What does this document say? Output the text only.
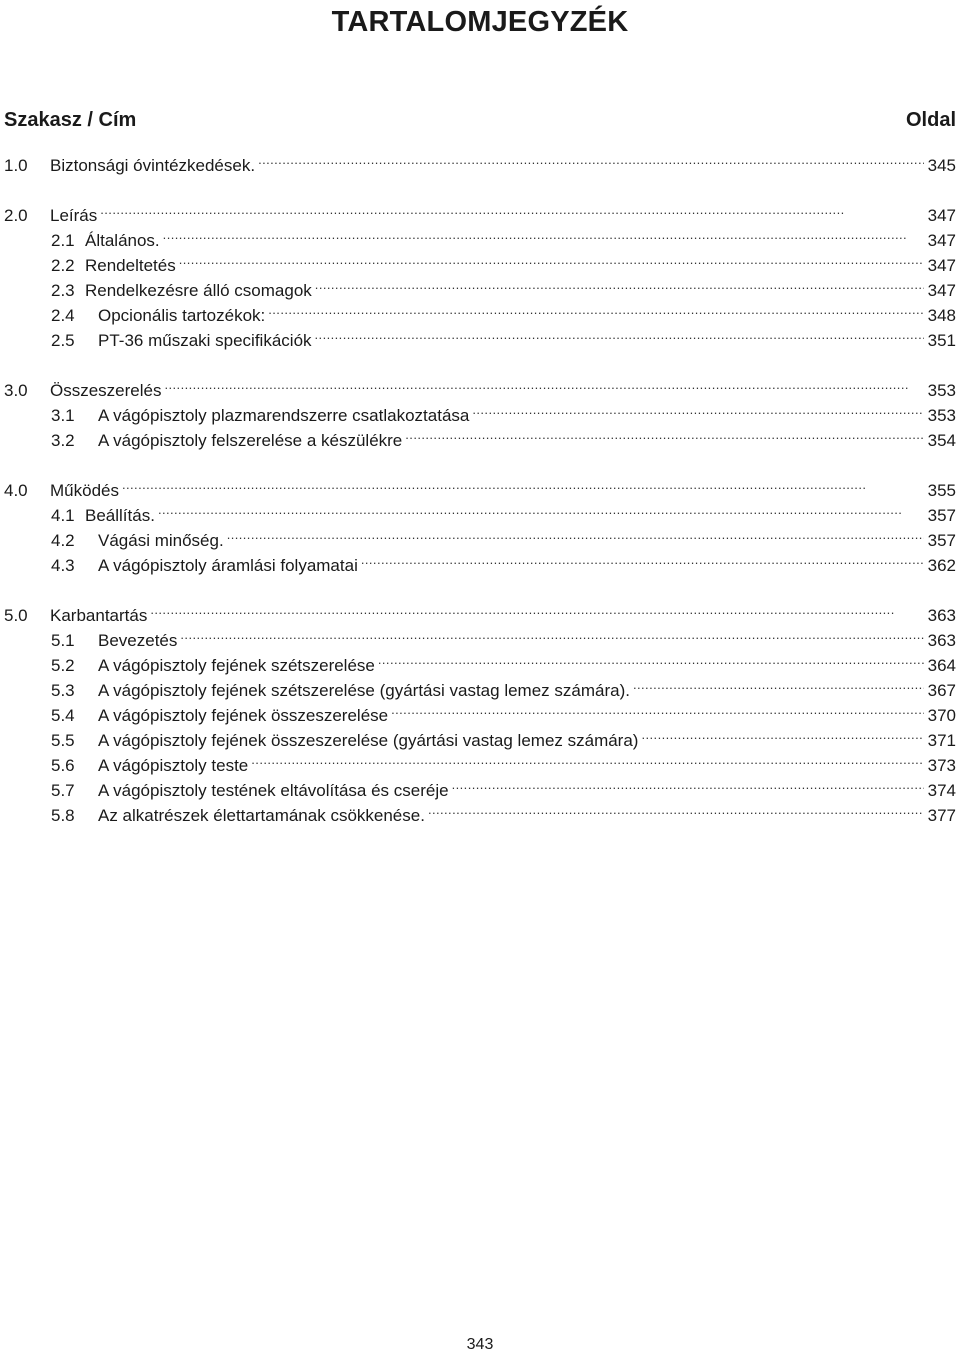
TARTALOMJEGYZÉK
Szakasz / Cím	Oldal
1.0	Biztonsági óvintézkedések. . . .	345
2.0	Leírás . . .	347
2.1 Általános. . . .	347
2.2 Rendeltetés . . .	347
2.3 Rendelkezésre álló csomagok . . .	347
2.4	Opcionális tartozékok: . . .	348
2.5	PT-36 műszaki specifikációk . . .	351
3.0	Összeszerelés . . .	353
3.1	A vágópisztoly plazmarendszerre csatlakoztatása . . .	353
3.2	A vágópisztoly felszerelése a készülékre . . .	354
4.0	Működés . . .	355
4.1 Beállítás. . . .	357
4.2	Vágási minőség. . . .	357
4.3	A vágópisztoly áramlási folyamatai . . .	362
5.0	Karbantartás . . .	363
5.1	Bevezetés . . .	363
5.2	A vágópisztoly fejének szétszerelése . . .	364
5.3	A vágópisztoly fejének szétszerelése (gyártási vastag lemez számára). . . .	367
5.4	A vágópisztoly fejének összeszerelése . . .	370
5.5	A vágópisztoly fejének összeszerelése (gyártási vastag lemez számára) . . .	371
5.6	A vágópisztoly teste . . .	373
5.7	A vágópisztoly testének eltávolítása és cseréje . . .	374
5.8	Az alkatrészek élettartamának csökkenése. . . .	377
343
